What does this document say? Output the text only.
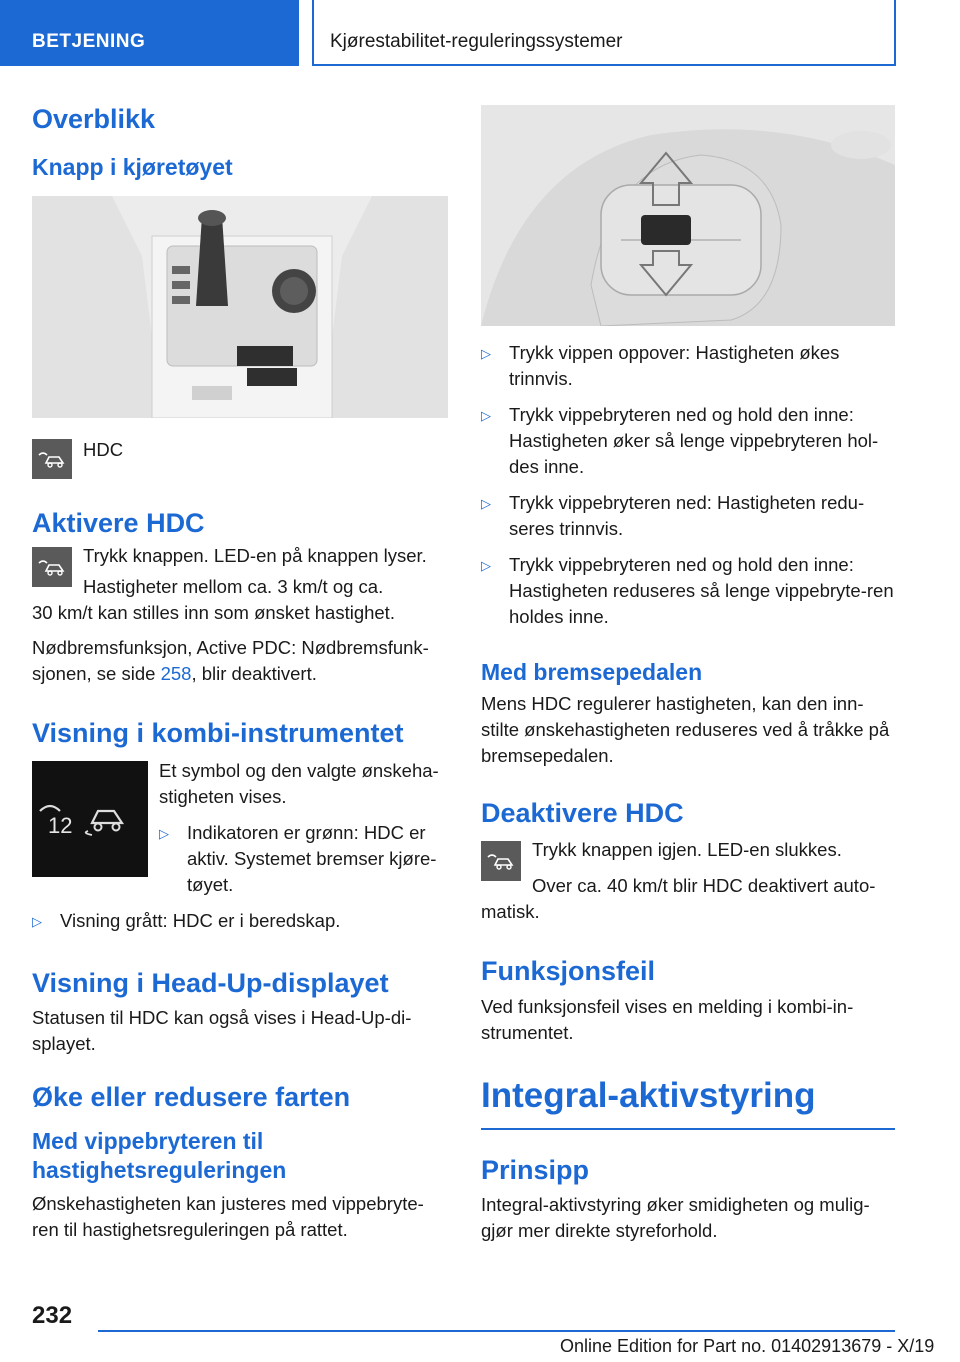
BETJENING	Kjørestabilitet-reguleringssystemer
Overblikk
Knapp i kjøretøyet

HDC

Aktivere HDC

Trykk knappen. LED-en på knappen lyser.

Hastigheter mellom ca. 3 km/t og ca.

30 km/t kan stilles inn som ønsket hastighet.

Nødbremsfunksjon, Active PDC: Nødbremsfunk-sjonen, se side 258, blir deaktivert.

Visning i kombi-instrumentet
12

Et symbol og den valgte ønskeha-stigheten vises.

▷ Indikatoren er grønn: HDC er aktiv. Systemet bremser kjøre-tøyet.
▷ Visning grått: HDC er i beredskap.
Visning i Head-Up-displayet

Statusen til HDC kan også vises i Head-Up-di-splayet.

Øke eller redusere farten
Med vippebryteren til hastighetsreguleringen

Ønskehastigheten kan justeres med vippebryte-ren til hastighetsreguleringen på rattet.

▷ Trykk vippen oppover: Hastigheten økes trinnvis.
▷ Trykk vippebryteren ned og hold den inne: Hastigheten øker så lenge vippebryteren hol-des inne.
▷ Trykk vippebryteren ned: Hastigheten redu-seres trinnvis.
▷ Trykk vippebryteren ned og hold den inne: Hastigheten reduseres så lenge vippebryte-ren holdes inne.
Med bremsepedalen

Mens HDC regulerer hastigheten, kan den inn-stilte ønskehastigheten reduseres ved å tråkke på bremsepedalen.

Deaktivere HDC

Trykk knappen igjen. LED-en slukkes.

Over ca. 40 km/t blir HDC deaktivert auto-matisk.

Funksjonsfeil

Ved funksjonsfeil vises en melding i kombi-in-strumentet.

Integral-aktivstyring
Prinsipp

Integral-aktivstyring øker smidigheten og mulig-gjør mer direkte styreforhold.

232
Online Edition for Part no. 01402913679 - X/19
